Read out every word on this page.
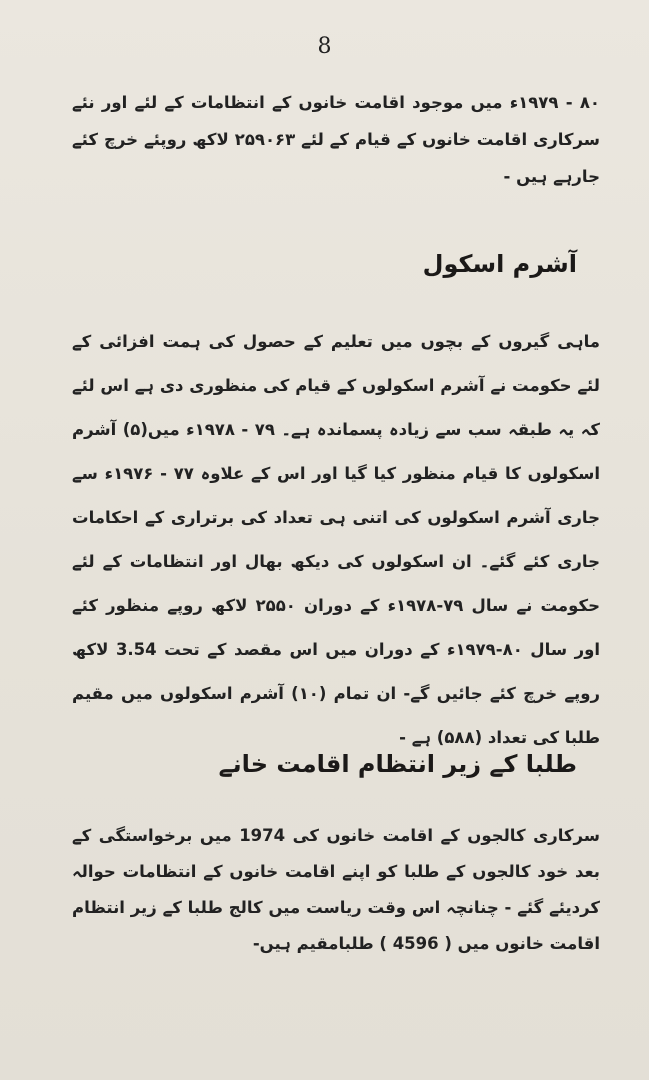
8

۸۰ - ۱۹۷۹ء میں موجود اقامت خانوں کے انتظامات کے لئے اور نئے سرکاری اقامت خانوں کے قیام کے لئے ۲۵۹۰۶۳ لاکھ روپئے خرچ کئے جارہے ہیں -

آشرم اسکول

ماہی گیروں کے بچوں میں تعلیم کے حصول کی ہمت افزائی کے لئے حکومت نے آشرم اسکولوں کے قیام کی منظوری دی ہے اس لئے کہ یہ طبقہ سب سے زیادہ پسماندہ ہے۔ ۷۹ - ۱۹۷۸ء میں(۵) آشرم اسکولوں کا قیام منظور کیا گیا اور اس کے علاوہ ۷۷ - ۱۹۷۶ء سے جاری آشرم اسکولوں کی اتنی ہی تعداد کی برتراری کے احکامات جاری کئے گئے۔ ان اسکولوں کی دیکھ بھال اور انتظامات کے لئے حکومت نے سال ۷۹-۱۹۷۸ء کے دوران ۲۵۵۰ لاکھ روپے منظور کئے اور سال ۸۰-۱۹۷۹ء کے دوران میں اس مقصد کے تحت 3.54 لاکھ روپے خرچ کئے جائیں گے- ان تمام (۱۰) آشرم اسکولوں میں مقیم طلبا کی تعداد (۵۸۸) ہے -

طلبا کے زیر انتظام اقامت خانے

سرکاری کالجوں کے اقامت خانوں کی 1974 میں برخواستگی کے بعد خود کالجوں کے طلبا کو اپنے اقامت خانوں کے انتظامات حوالہ کردیئے گئے - چنانچہ اس وقت ریاست میں کالج طلبا کے زیر انتظام اقامت خانوں میں ( 4596 ) طلبامقیم ہیں-
